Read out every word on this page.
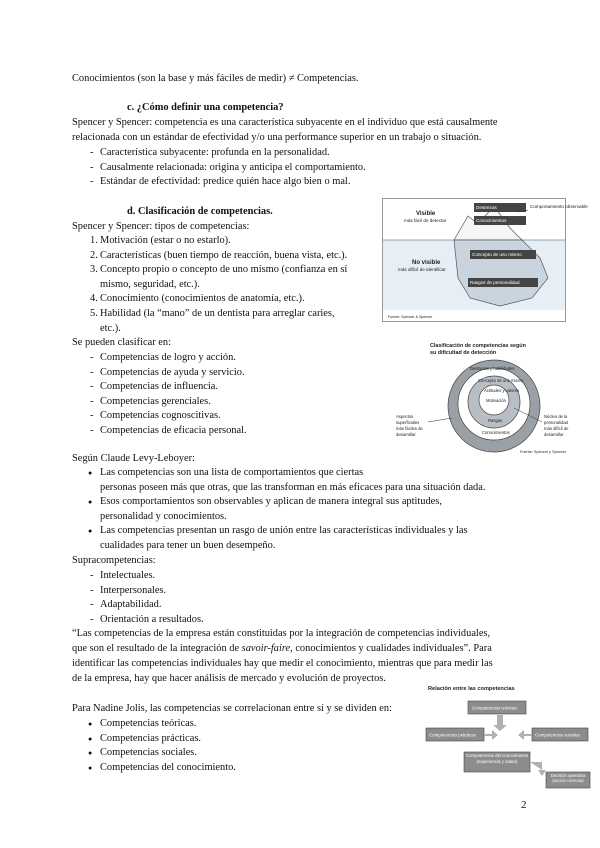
Conocimientos (son la base y más fáciles de medir) ≠ Competencias.
c. ¿Cómo definir una competencia?
Spencer y Spencer: competencia es una característica subyacente en el individuo que está causalmente
relacionada con un estándar de efectividad y/o una performance superior en un trabajo o situación.
- Característica subyacente: profunda en la personalidad.
- Causalmente relacionada: origina y anticipa el comportamiento.
- Estándar de efectividad: predice quién hace algo bien o mal.
d. Clasificación de competencias.
Spencer y Spencer: tipos de competencias:
1. Motivación (estar o no estarlo).
2. Características (buen tiempo de reacción, buena vista, etc.).
3. Concepto propio o concepto de uno mismo (confianza en sí
mismo, seguridad, etc.).
4. Conocimiento (conocimientos de anatomía, etc.).
5. Habilidad (la “mano” de un dentista para arreglar caries,
etc.).
Se pueden clasificar en:
- Competencias de logro y acción.
- Competencias de ayuda y servicio.
- Competencias de influencia.
- Competencias gerenciales.
- Competencias cognoscitivas.
- Competencias de eficacia personal.
Según Claude Levy-Leboyer:
● Las competencias son una lista de comportamientos que ciertas
personas poseen más que otras, que las transforman en más eficaces para una situación dada.
● Esos comportamientos son observables y aplican de manera integral sus aptitudes,
personalidad y conocimientos.
● Las competencias presentan un rasgo de unión entre las características individuales y las
cualidades para tener un buen desempeño.
Supracompetencias:
- Intelectuales.
- Interpersonales.
- Adaptabilidad.
- Orientación a resultados.
“Las competencias de la empresa están constituidas por la integración de competencias individuales,
que son el resultado de la integración de savoir-faire, conocimientos y cualidades individuales”. Para
identificar las competencias individuales hay que medir el conocimiento, mientras que para medir las
de la empresa, hay que hacer análisis de mercado y evolución de proyectos.
Para Nadine Jolis, las competencias se correlacionan entre sí y se dividen en:
● Competencias teóricas.
● Competencias prácticas.
● Competencias sociales.
● Competencias del conocimiento.
Destrezas
Conocimientos
Concepto de uno mismo
Rasgos de personalidad
Visible
más fácil de detectar
No visible
más difícil de identificar
Comportamiento observable
Fuente: Spencer & Spencer
Clasificación de competencias según
su dificultad de detección
Destrezas y habilidades
Concepto de uno mismo
Actitudes y valores
Motivación
Rasgos
Conocimientos
Aspectos
superficiales
más fáciles de
desarrollar
Núcleo de la
personalidad
más difícil de
desarrollar
Fuente: Spencer y Spencer
Relación entre las competencias
Competencias teóricas
Competencias prácticas	Competencias sociales
Competencias del conocimiento (experiencia y saber)
Decisión operativa (acción correcta)
2
